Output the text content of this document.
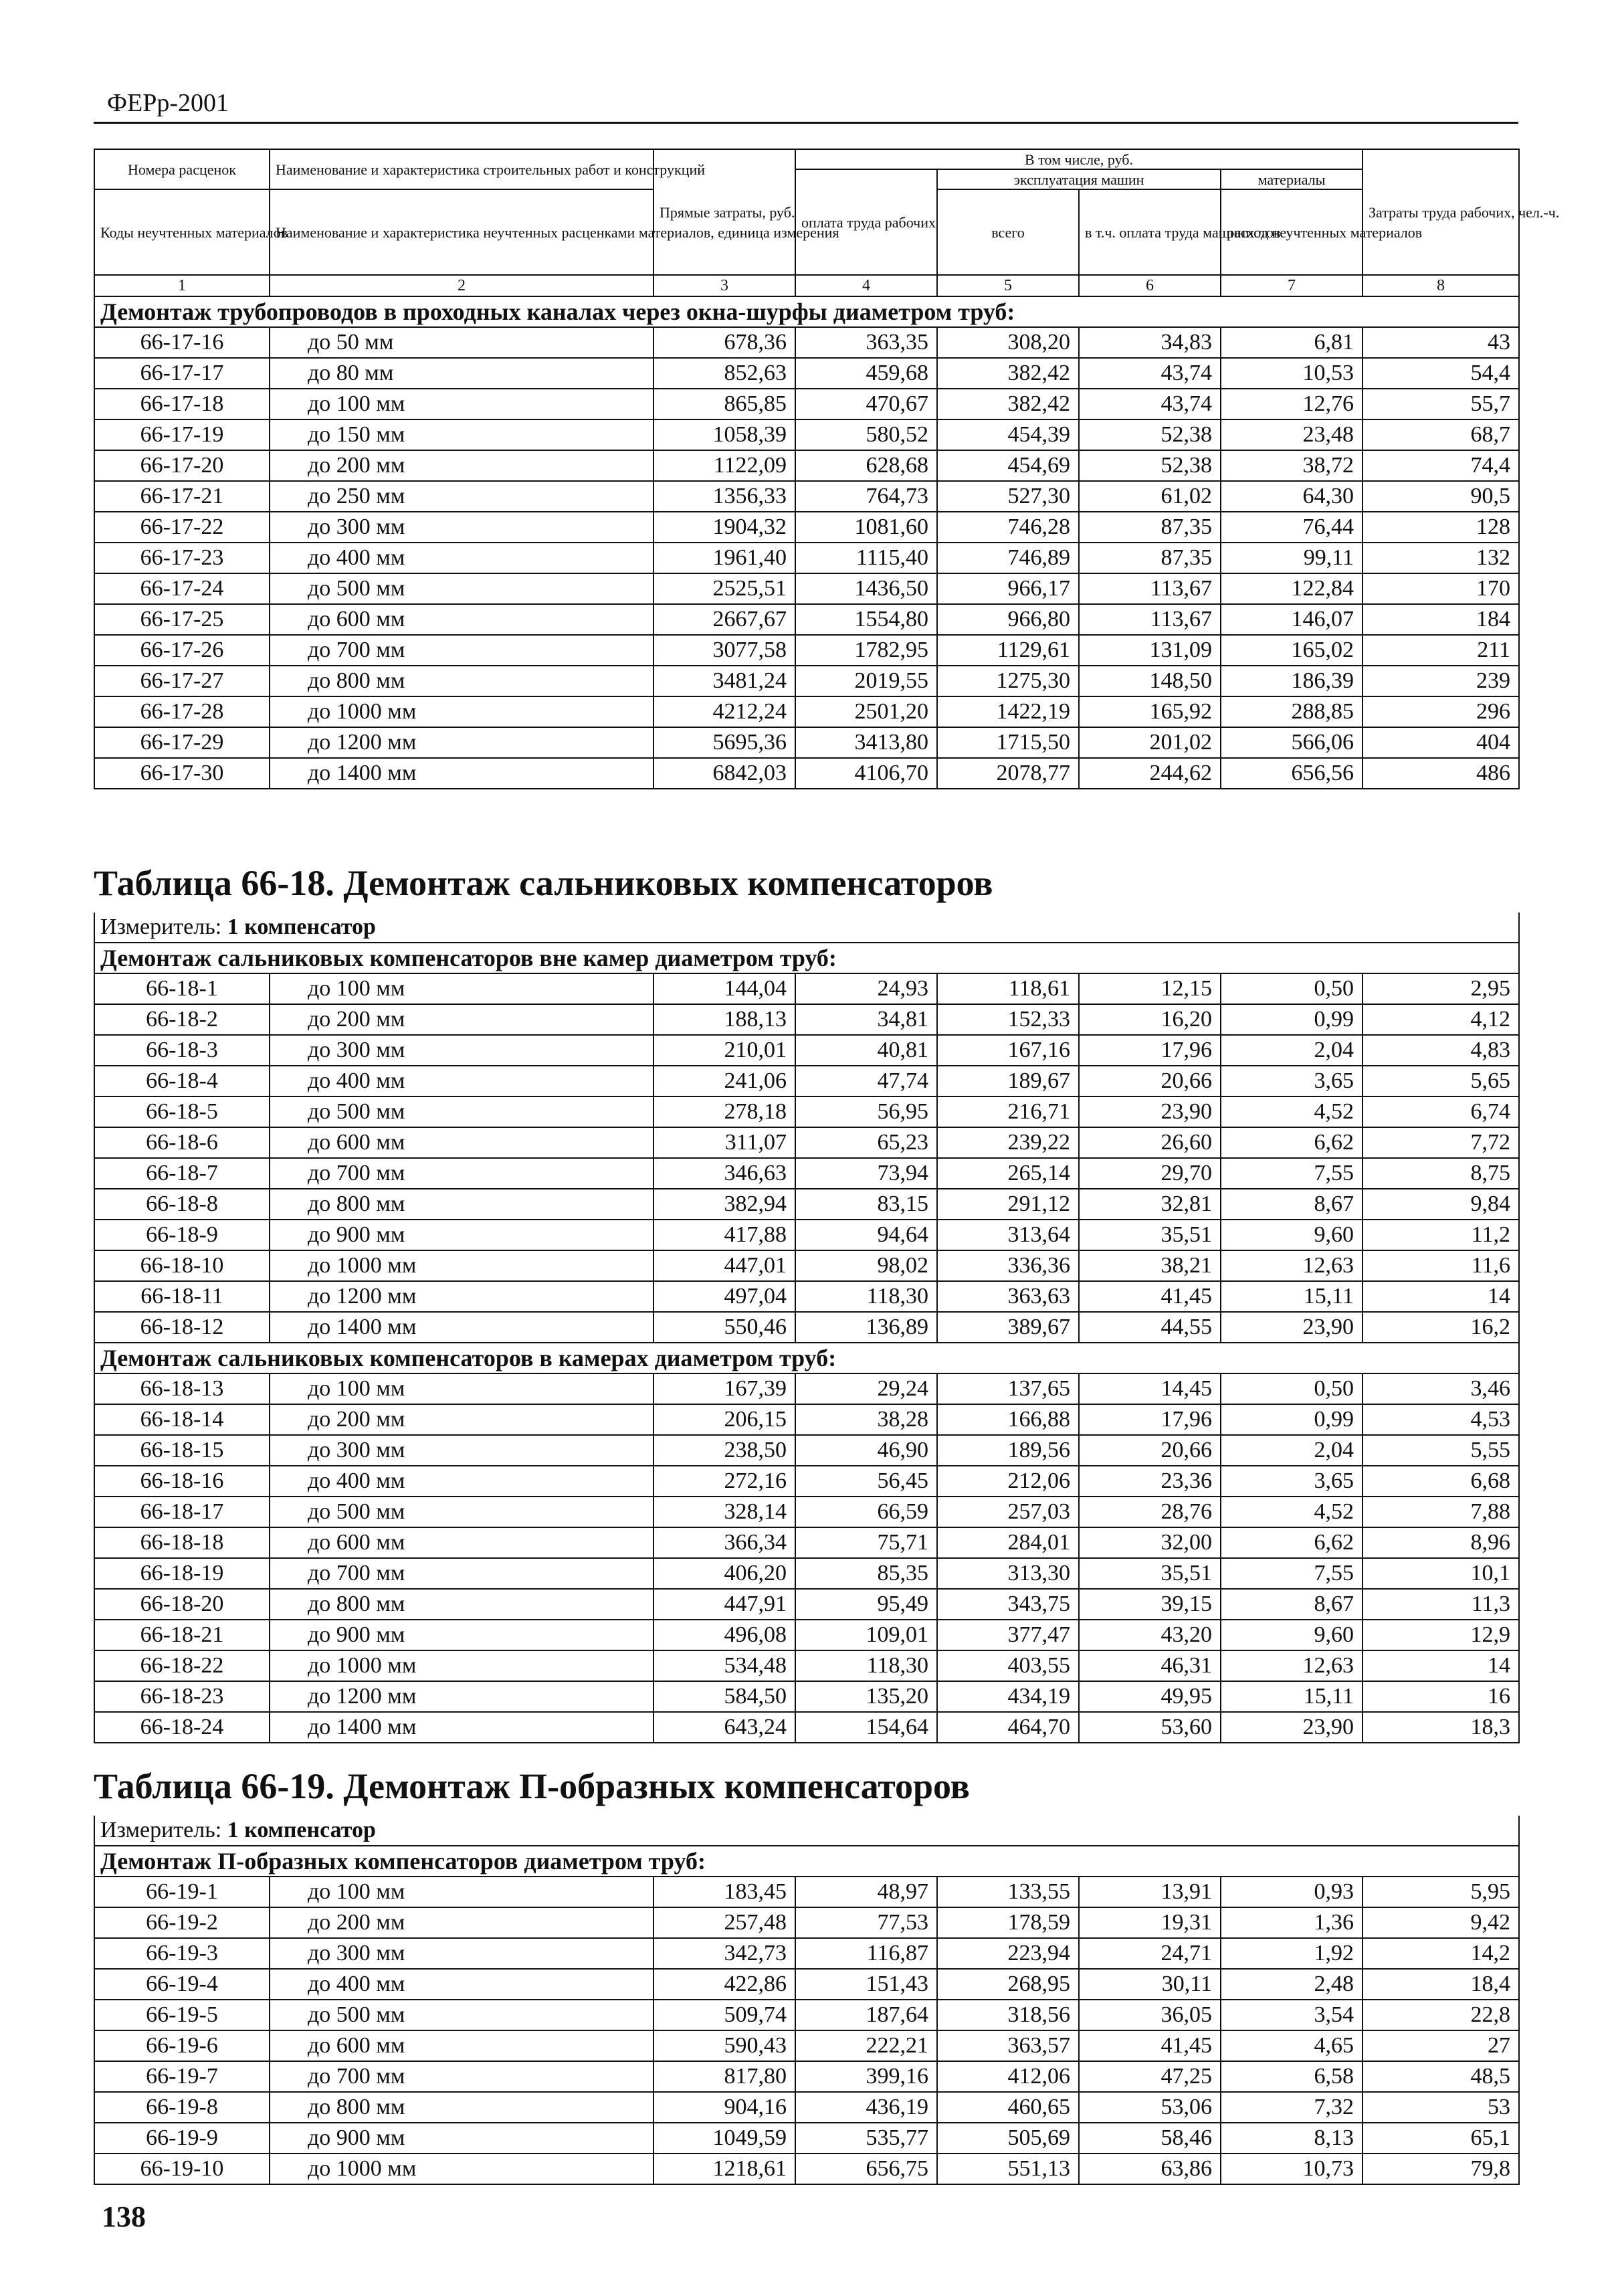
ФЕРр-2001
Номера расценок	Наименование и характеристика строительных работ и конструкций	Прямые затраты, руб.	В том числе, руб.				Затраты труда рабочих, чел.-ч.
			оплата труда рабочих	эксплуатация машин		материалы	
Коды неучтенных материалов	Наименование и характеристика неучтенных расценками материалов, единица измерения			всего	в т.ч. оплата труда машинистов	расход неучтенных материалов	

1	2	3	4	5	6	7	8
Демонтаж трубопроводов в проходных каналах через окна-шурфы диаметром труб:							
66-17-16	до 50 мм	678,36	363,35	308,20	34,83	6,81	43
66-17-17	до 80 мм	852,63	459,68	382,42	43,74	10,53	54,4
66-17-18	до 100 мм	865,85	470,67	382,42	43,74	12,76	55,7
66-17-19	до 150 мм	1058,39	580,52	454,39	52,38	23,48	68,7
66-17-20	до 200 мм	1122,09	628,68	454,69	52,38	38,72	74,4
66-17-21	до 250 мм	1356,33	764,73	527,30	61,02	64,30	90,5
66-17-22	до 300 мм	1904,32	1081,60	746,28	87,35	76,44	128
66-17-23	до 400 мм	1961,40	1115,40	746,89	87,35	99,11	132
66-17-24	до 500 мм	2525,51	1436,50	966,17	113,67	122,84	170
66-17-25	до 600 мм	2667,67	1554,80	966,80	113,67	146,07	184
66-17-26	до 700 мм	3077,58	1782,95	1129,61	131,09	165,02	211
66-17-27	до 800 мм	3481,24	2019,55	1275,30	148,50	186,39	239
66-17-28	до 1000 мм	4212,24	2501,20	1422,19	165,92	288,85	296
66-17-29	до 1200 мм	5695,36	3413,80	1715,50	201,02	566,06	404
66-17-30	до 1400 мм	6842,03	4106,70	2078,77	244,62	656,56	486
Таблица 66-18. Демонтаж сальниковых компенсаторов
Измеритель: 1 компенсатор							
Демонтаж сальниковых компенсаторов вне камер диаметром труб:							
66-18-1	до 100 мм	144,04	24,93	118,61	12,15	0,50	2,95
66-18-2	до 200 мм	188,13	34,81	152,33	16,20	0,99	4,12
66-18-3	до 300 мм	210,01	40,81	167,16	17,96	2,04	4,83
66-18-4	до 400 мм	241,06	47,74	189,67	20,66	3,65	5,65
66-18-5	до 500 мм	278,18	56,95	216,71	23,90	4,52	6,74
66-18-6	до 600 мм	311,07	65,23	239,22	26,60	6,62	7,72
66-18-7	до 700 мм	346,63	73,94	265,14	29,70	7,55	8,75
66-18-8	до 800 мм	382,94	83,15	291,12	32,81	8,67	9,84
66-18-9	до 900 мм	417,88	94,64	313,64	35,51	9,60	11,2
66-18-10	до 1000 мм	447,01	98,02	336,36	38,21	12,63	11,6
66-18-11	до 1200 мм	497,04	118,30	363,63	41,45	15,11	14
66-18-12	до 1400 мм	550,46	136,89	389,67	44,55	23,90	16,2
Демонтаж сальниковых компенсаторов в камерах диаметром труб:							
66-18-13	до 100 мм	167,39	29,24	137,65	14,45	0,50	3,46
66-18-14	до 200 мм	206,15	38,28	166,88	17,96	0,99	4,53
66-18-15	до 300 мм	238,50	46,90	189,56	20,66	2,04	5,55
66-18-16	до 400 мм	272,16	56,45	212,06	23,36	3,65	6,68
66-18-17	до 500 мм	328,14	66,59	257,03	28,76	4,52	7,88
66-18-18	до 600 мм	366,34	75,71	284,01	32,00	6,62	8,96
66-18-19	до 700 мм	406,20	85,35	313,30	35,51	7,55	10,1
66-18-20	до 800 мм	447,91	95,49	343,75	39,15	8,67	11,3
66-18-21	до 900 мм	496,08	109,01	377,47	43,20	9,60	12,9
66-18-22	до 1000 мм	534,48	118,30	403,55	46,31	12,63	14
66-18-23	до 1200 мм	584,50	135,20	434,19	49,95	15,11	16
66-18-24	до 1400 мм	643,24	154,64	464,70	53,60	23,90	18,3
Таблица 66-19. Демонтаж П-образных компенсаторов
Измеритель: 1 компенсатор							
Демонтаж П-образных компенсаторов диаметром труб:							
66-19-1	до 100 мм	183,45	48,97	133,55	13,91	0,93	5,95
66-19-2	до 200 мм	257,48	77,53	178,59	19,31	1,36	9,42
66-19-3	до 300 мм	342,73	116,87	223,94	24,71	1,92	14,2
66-19-4	до 400 мм	422,86	151,43	268,95	30,11	2,48	18,4
66-19-5	до 500 мм	509,74	187,64	318,56	36,05	3,54	22,8
66-19-6	до 600 мм	590,43	222,21	363,57	41,45	4,65	27
66-19-7	до 700 мм	817,80	399,16	412,06	47,25	6,58	48,5
66-19-8	до 800 мм	904,16	436,19	460,65	53,06	7,32	53
66-19-9	до 900 мм	1049,59	535,77	505,69	58,46	8,13	65,1
66-19-10	до 1000 мм	1218,61	656,75	551,13	63,86	10,73	79,8
138
